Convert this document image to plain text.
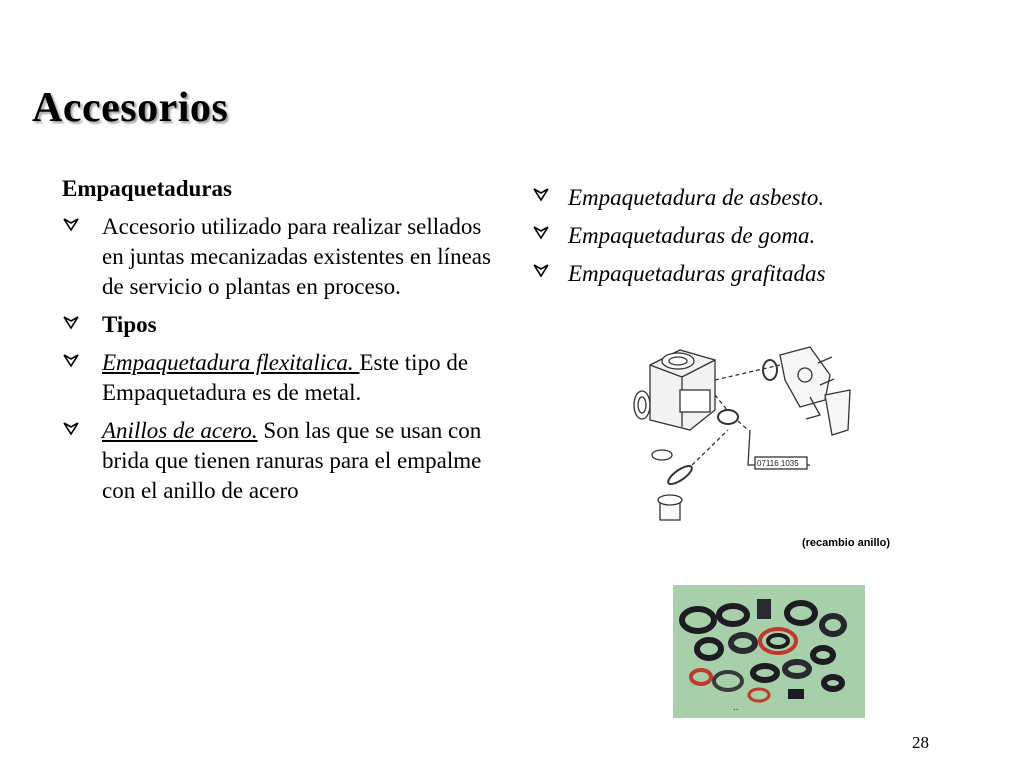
Accesorios
Empaquetaduras
Accesorio utilizado para realizar sellados en juntas mecanizadas existentes en líneas de servicio o plantas en proceso.
Tipos
Empaquetadura flexitalica. Este tipo de Empaquetadura es de metal.
Anillos de acero. Son las que se usan con brida que tienen ranuras para el empalme con el anillo de acero
Empaquetadura de asbesto.
Empaquetaduras de goma.
Empaquetaduras grafitadas
07116 1035
(recambio anillo)
..
28
